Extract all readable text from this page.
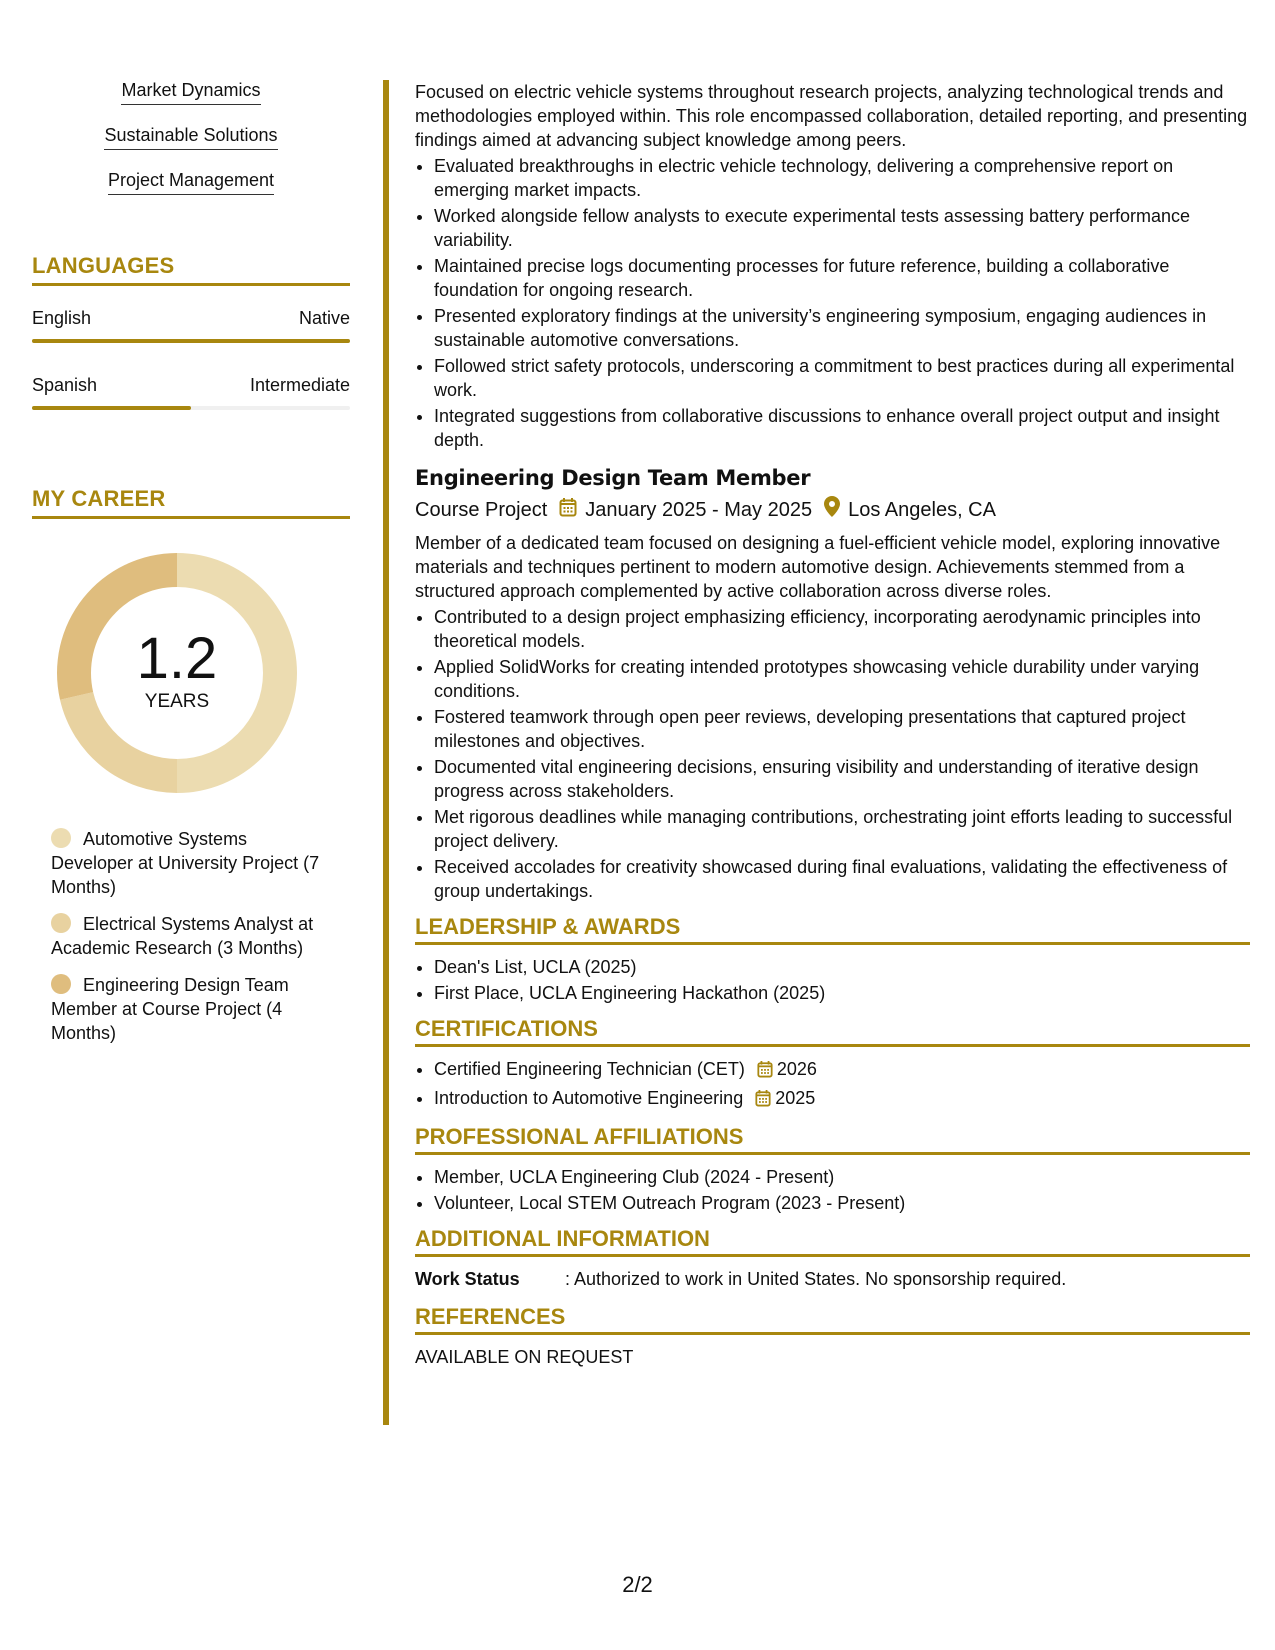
Market Dynamics
Sustainable Solutions
Project Management
LANGUAGES
English	Native
Spanish	Intermediate
MY CAREER
1.2
YEARS
Automotive Systems Developer at University Project (7 Months)
Electrical Systems Analyst at Academic Research (3 Months)
Engineering Design Team Member at Course Project (4 Months)

Focused on electric vehicle systems throughout research projects, analyzing technological trends and methodologies employed within. This role encompassed collaboration, detailed reporting, and presenting findings aimed at advancing subject knowledge among peers.

• Evaluated breakthroughs in electric vehicle technology, delivering a comprehensive report on emerging market impacts.
• Worked alongside fellow analysts to execute experimental tests assessing battery performance variability.
• Maintained precise logs documenting processes for future reference, building a collaborative foundation for ongoing research.
• Presented exploratory findings at the university’s engineering symposium, engaging audiences in sustainable automotive conversations.
• Followed strict safety protocols, underscoring a commitment to best practices during all experimental work.
• Integrated suggestions from collaborative discussions to enhance overall project output and insight depth.
Engineering Design Team Member
Course Project January 2025 - May 2025 Los Angeles, CA

Member of a dedicated team focused on designing a fuel-efficient vehicle model, exploring innovative materials and techniques pertinent to modern automotive design. Achievements stemmed from a structured approach complemented by active collaboration across diverse roles.

• Contributed to a design project emphasizing efficiency, incorporating aerodynamic principles into theoretical models.
• Applied SolidWorks for creating intended prototypes showcasing vehicle durability under varying conditions.
• Fostered teamwork through open peer reviews, developing presentations that captured project milestones and objectives.
• Documented vital engineering decisions, ensuring visibility and understanding of iterative design progress across stakeholders.
• Met rigorous deadlines while managing contributions, orchestrating joint efforts leading to successful project delivery.
• Received accolades for creativity showcased during final evaluations, validating the effectiveness of group undertakings.
LEADERSHIP & AWARDS
• Dean's List, UCLA (2025)
• First Place, UCLA Engineering Hackathon (2025)
CERTIFICATIONS
• Certified Engineering Technician (CET) 2026
• Introduction to Automotive Engineering 2025
PROFESSIONAL AFFILIATIONS
• Member, UCLA Engineering Club (2024 - Present)
• Volunteer, Local STEM Outreach Program (2023 - Present)
ADDITIONAL INFORMATION
Work Status	: Authorized to work in United States. No sponsorship required.
REFERENCES
AVAILABLE ON REQUEST
2/2
